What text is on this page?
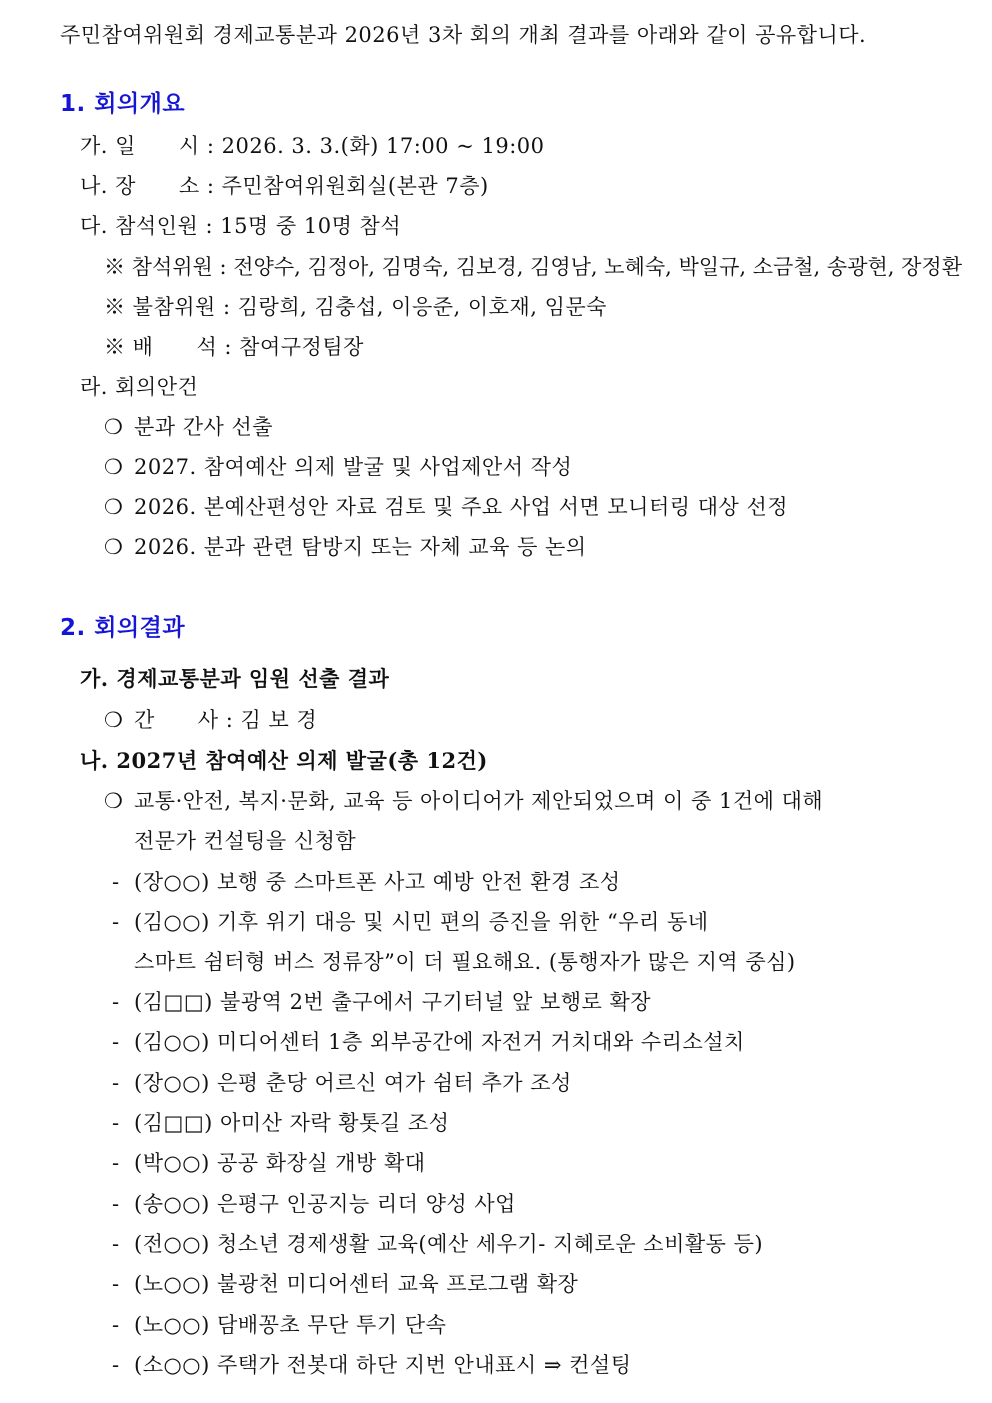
주민참여위원회 경제교통분과 2026년 3차 회의 개최 결과를 아래와 같이 공유합니다.
1. 회의개요
가. 일　　시 : 2026. 3. 3.(화) 17:00 ~ 19:00
나. 장　　소 : 주민참여위원회실(본관 7층)
다. 참석인원 : 15명 중 10명 참석
※ 참석위원 : 전양수, 김정아, 김명숙, 김보경, 김영남, 노혜숙, 박일규, 소금철, 송광현, 장정환
※ 불참위원 : 김랑희, 김충섭, 이응준, 이호재, 임문숙
※ 배　　석 : 참여구정팀장
라. 회의안건
❍ 분과 간사 선출
❍ 2027. 참여예산 의제 발굴 및 사업제안서 작성
❍ 2026. 본예산편성안 자료 검토 및 주요 사업 서면 모니터링 대상 선정
❍ 2026. 분과 관련 탐방지 또는 자체 교육 등 논의
2. 회의결과
가. 경제교통분과 임원 선출 결과
❍ 간　　사 : 김 보 경
나. 2027년 참여예산 의제 발굴(총 12건)
❍ 교통·안전, 복지·문화, 교육 등 아이디어가 제안되었으며 이 중 1건에 대해
전문가 컨설팅을 신청함
- (장○○) 보행 중 스마트폰 사고 예방 안전 환경 조성
- (김○○) 기후 위기 대응 및 시민 편의 증진을 위한 “우리 동네
스마트 쉼터형 버스 정류장”이 더 필요해요. (통행자가 많은 지역 중심)
- (김□□) 불광역 2번 출구에서 구기터널 앞 보행로 확장
- (김○○) 미디어센터 1층 외부공간에 자전거 거치대와 수리소설치
- (장○○) 은평 춘당 어르신 여가 쉼터 추가 조성
- (김□□) 아미산 자락 황톳길 조성
- (박○○) 공공 화장실 개방 확대
- (송○○) 은평구 인공지능 리더 양성 사업
- (전○○) 청소년 경제생활 교육(예산 세우기- 지혜로운 소비활동 등)
- (노○○) 불광천 미디어센터 교육 프로그램 확장
- (노○○) 담배꽁초 무단 투기 단속
- (소○○) 주택가 전봇대 하단 지번 안내표시 ⇒ 컨설팅
